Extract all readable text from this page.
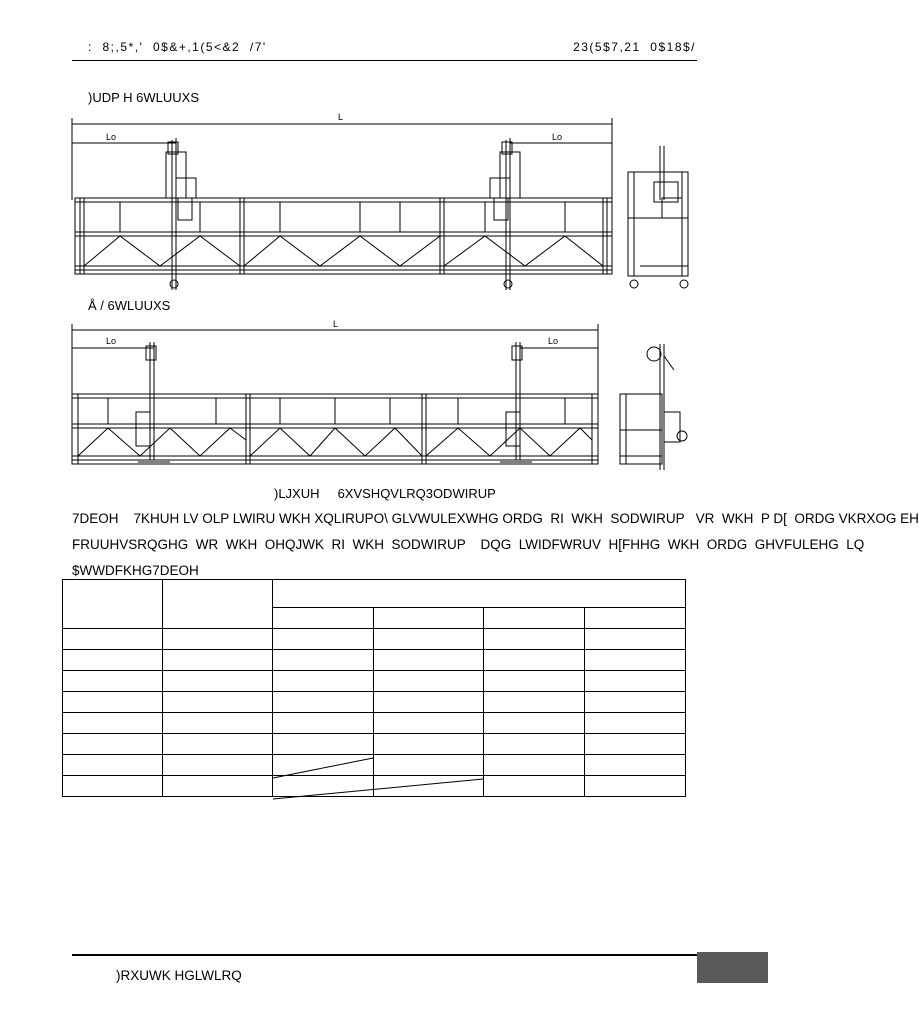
:  8;,5*,'  0$&+,1(5<&2  /7'	23(5$7,21  0$18$/
)UDP H 6WLUUXS
Å / 6WLUUXS
L
Lo	Lo
L
Lo	Lo
)LJXUH     6XVSHQVLRQ3ODWIRUP
7DEOH    7KHUH LV OLP LWIRU WKH XQLIRUPO\ GLVWULEXWHG ORDG  RI  WKH  SODWIRUP   VR  WKH  P D[  ORDG VKRXOG EH
FRUUHVSRQGHG  WR  WKH  OHQJWK  RI  WKH  SODWIRUP    DQG  LWIDFWRUV  H[FHHG  WKH  ORDG  GHVFULEHG  LQ
$WWDFKHG7DEOH

)RXUWK HGLWLRQ
